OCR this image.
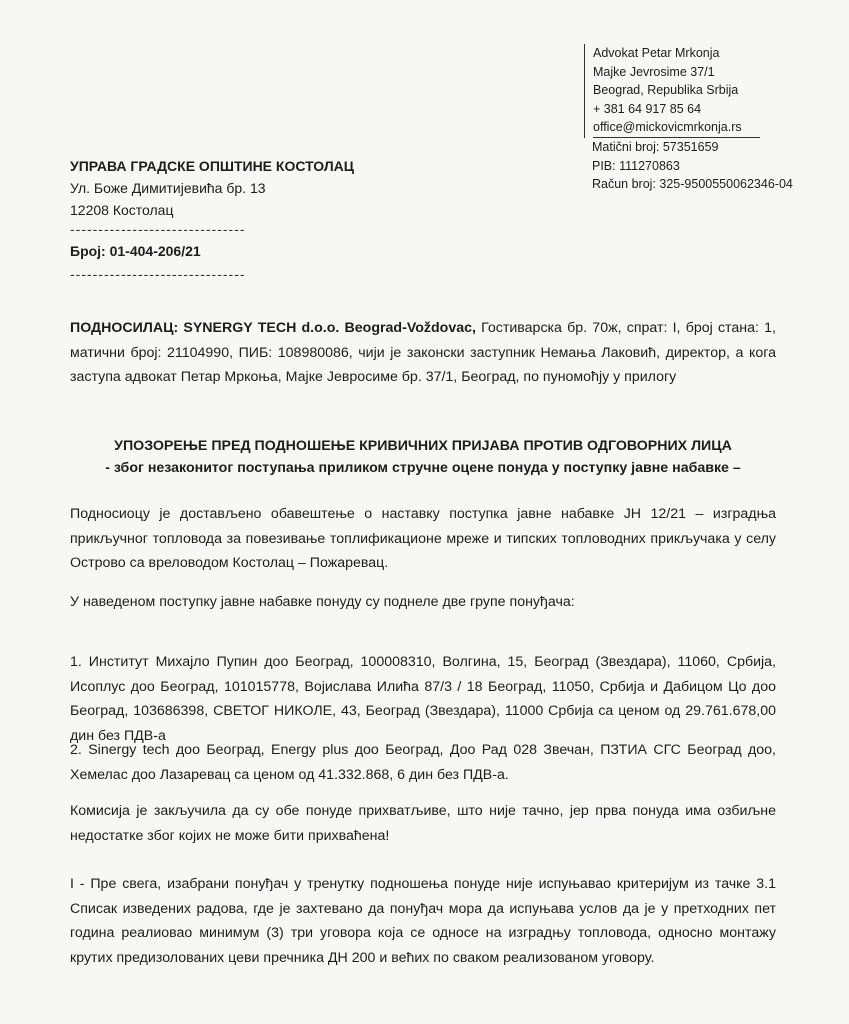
Advokat Petar Mrkonja
Majke Jevrosime 37/1
Beograd, Republika Srbija
+ 381 64 917 85 64
office@mickovicmrkonja.rs
Matični broj: 57351659
PIB: 111270863
Račun broj: 325-9500550062346-04
УПРАВА ГРАДСКЕ ОПШТИНЕ КОСТОЛАЦ
Ул. Боже Димитијевића бр. 13
12208 Костолац
-------------------------------
Број: 01-404-206/21
-------------------------------
ПОДНОСИЛАЦ: SYNERGY TECH d.o.o. Beograd-Voždovac, Гостиварска бр. 70ж, спрат: I, број стана: 1, матични број: 21104990, ПИБ: 108980086, чији је законски заступник Немања Лаковић, директор, а кога заступа адвокат Петар Мркоња, Мајке Јевросиме бр. 37/1, Београд, по пуномоћју у прилогу
УПОЗОРЕЊЕ ПРЕД ПОДНОШЕЊЕ КРИВИЧНИХ ПРИЈАВА ПРОТИВ ОДГОВОРНИХ ЛИЦА
- због незаконитог поступања приликом стручне оцене понуда у поступку јавне набавке –
Подносиоцу је достављено обавештење о наставку поступка јавне набавке ЈН 12/21 – изградња прикључног топловода за повезивање топлификационе мреже и типских топловодних прикључака у селу Острово са вреловодом Костолац – Пожаревац.
У наведеном поступку јавне набавке понуду су поднеле две групе понуђача:
1. Институт Михајло Пупин доо Београд, 100008310, Волгина, 15, Београд (Звездара), 11060, Србија, Исоплус доо Београд, 101015778, Војислава Илића 87/3 / 18 Београд, 11050, Србија и Дабицом Цо доо Београд, 103686398, СВЕТОГ НИКОЛЕ, 43, Београд (Звездара), 11000 Србија са ценом од 29.761.678,00 дин без ПДВ-а
2. Sinergy tech доо Београд, Energy plus доо Београд, Доо Рад 028 Звечан, ПЗТИА СГС Београд доо, Хемелас доо Лазаревац са ценом од 41.332.868, 6 дин без ПДВ-а.
Комисија је закључила да су обе понуде прихватљиве, што није тачно, јер прва понуда има озбиљне недостатке због којих не може бити прихваћена!
I - Пре свега, изабрани понуђач у тренутку подношења понуде није испуњавао критеријум из тачке 3.1 Списак изведених радова, где је захтевано да понуђач мора да испуњава услов да је у претходних пет година реалиовао минимум (3) три уговора која се односе на изградњу топловода, односно монтажу крутих предизолованих цеви пречника ДН 200 и већих по сваком реализованом уговору.
